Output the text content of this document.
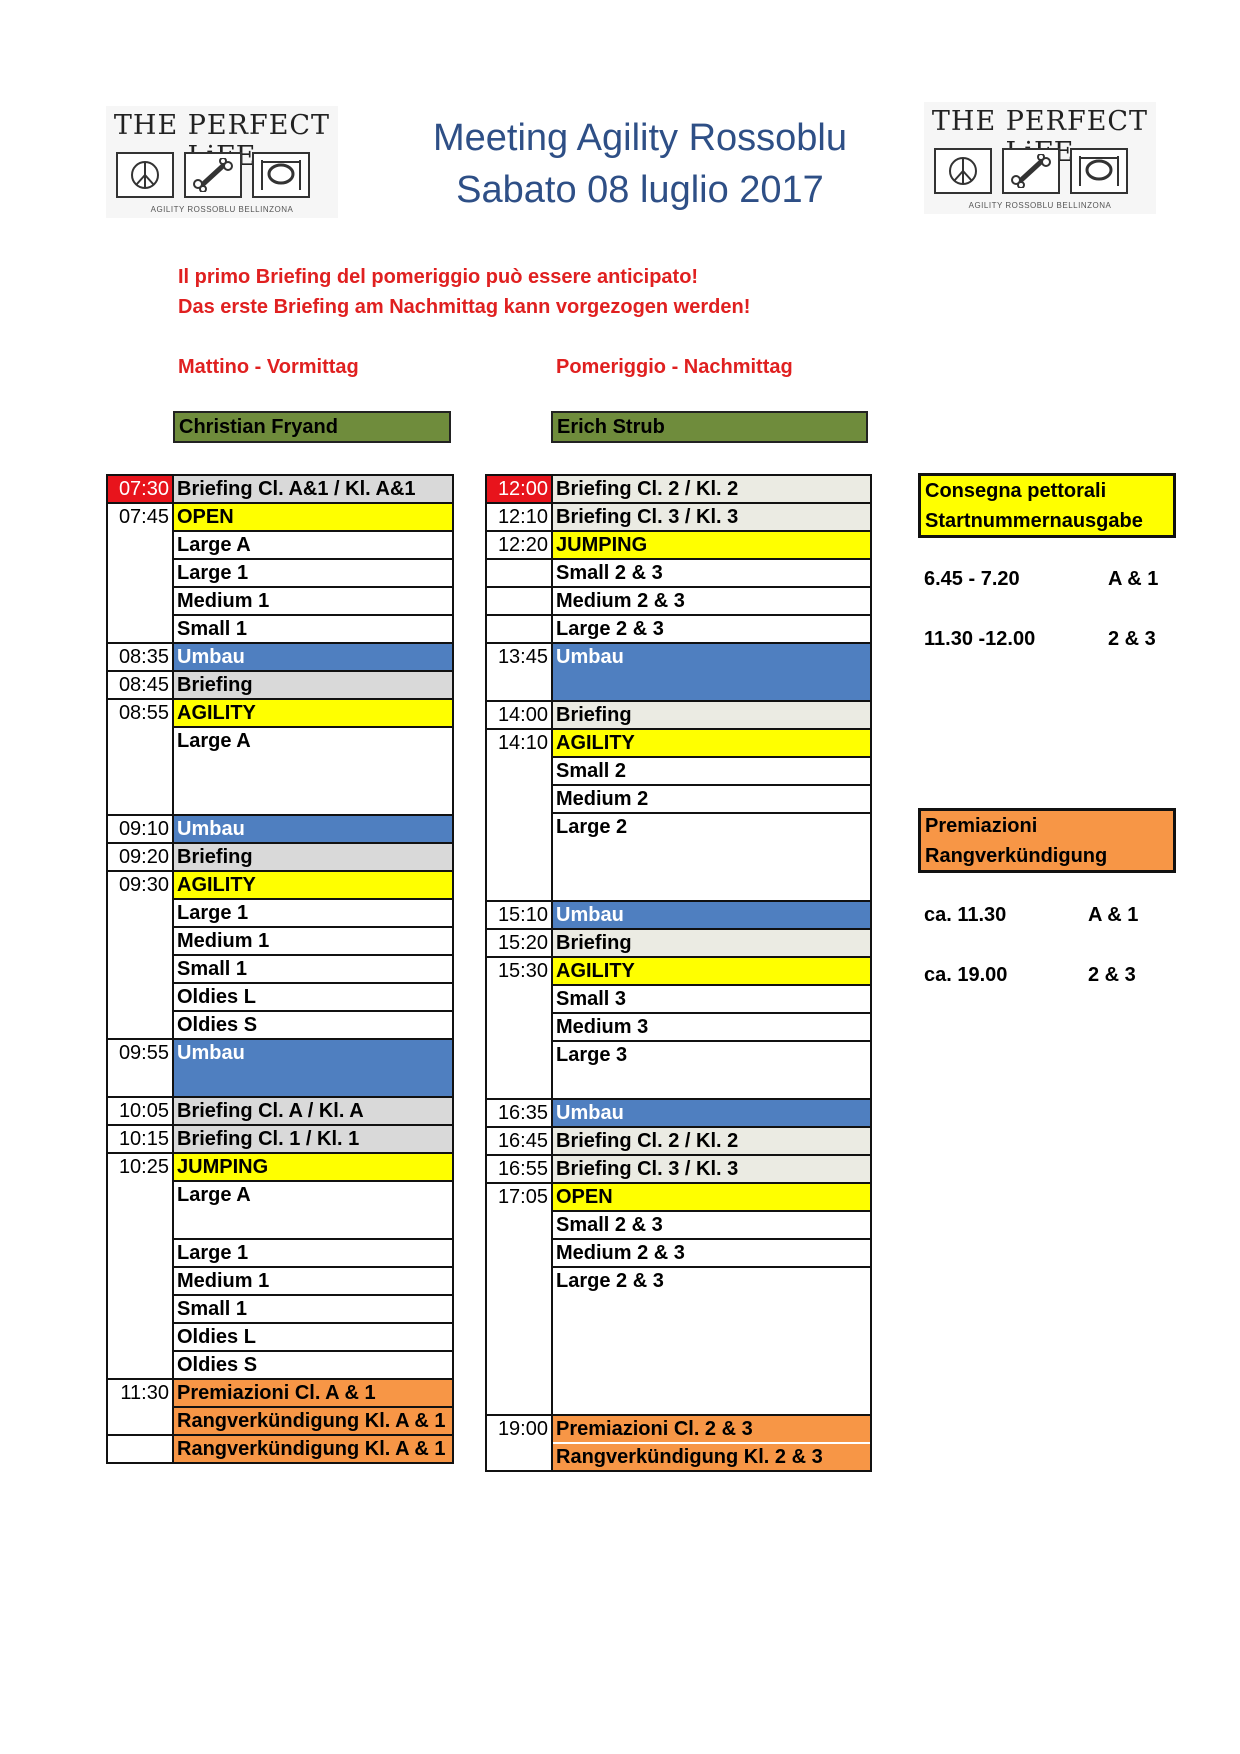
THE PERFECT
AGILITY ROSSOBLU BELLINZONA
THE PERFECT
AGILITY ROSSOBLU BELLINZONA
Meeting Agility Rossoblu
Sabato 08 luglio 2017
Il primo Briefing del pomeriggio può essere anticipato!
Das erste Briefing am Nachmittag kann vorgezogen werden!
Mattino - Vormittag	Pomeriggio - Nachmittag
Christian Fryand	Erich Strub
07:30	Briefing Cl. A&1 / Kl. A&1
07:45	OPEN
	Large A
	Large 1
	Medium 1
	Small 1
08:35	Umbau
08:45	Briefing
08:55	AGILITY
	Large A
09:10	Umbau
09:20	Briefing
09:30	AGILITY
	Large 1
	Medium 1
	Small 1
	Oldies L
	Oldies S
09:55	Umbau
10:05	Briefing Cl. A / Kl. A
10:15	Briefing Cl. 1 / Kl. 1
10:25	JUMPING
	Large A
	Large 1
	Medium 1
	Small 1
	Oldies L
	Oldies S
11:30	Premiazioni Cl. A & 1
	Rangverkündigung Kl. A & 1
	Rangverkündigung Kl. A & 1
12:00	Briefing Cl. 2 / Kl. 2
12:10	Briefing Cl. 3 / Kl. 3
12:20	JUMPING
	Small 2 & 3
	Medium 2 & 3
	Large 2 & 3
13:45	Umbau
14:00	Briefing
14:10	AGILITY
	Small 2
	Medium 2
	Large 2
15:10	Umbau
15:20	Briefing
15:30	AGILITY
	Small 3
	Medium 3
	Large 3
16:35	Umbau
16:45	Briefing Cl. 2 / Kl. 2
16:55	Briefing Cl. 3 / Kl. 3
17:05	OPEN
	Small 2 & 3
	Medium 2 & 3
	Large 2 & 3
19:00	Premiazioni Cl. 2 & 3
	Rangverkündigung Kl. 2 & 3
Consegna pettorali
Startnummernausgabe
6.45 - 7.20	A & 1
11.30 -12.00	2 & 3
Premiazioni
Rangverkündigung
ca. 11.30	A & 1
ca. 19.00	2 & 3
